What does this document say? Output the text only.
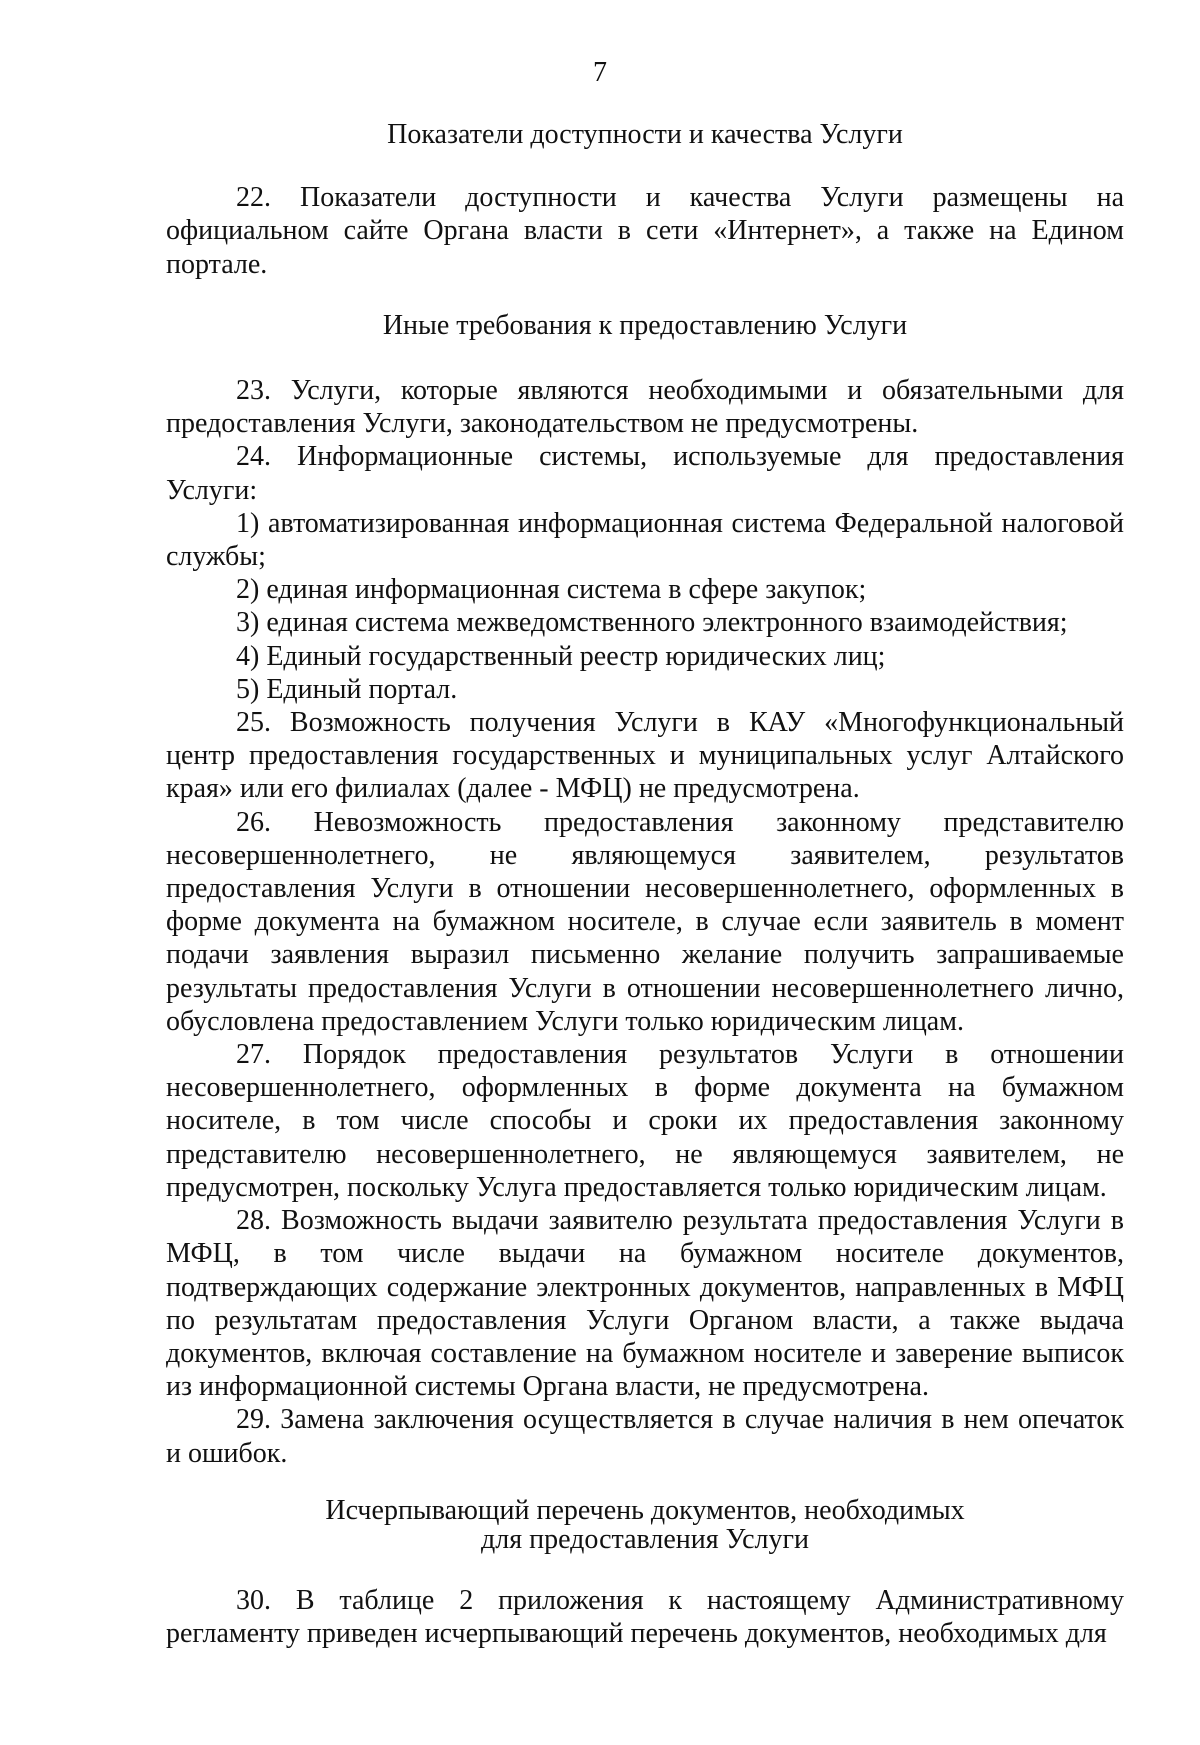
7

Показатели доступности и качества Услуги

22. Показатели доступности и качества Услуги размещены на официальном сайте Органа власти в сети «Интернет», а также на Едином портале.

Иные требования к предоставлению Услуги

23. Услуги, которые являются необходимыми и обязательными для предоставления Услуги, законодательством не предусмотрены.

24. Информационные системы, используемые для предоставления Услуги:

1) автоматизированная информационная система Федеральной налоговой службы;

2) единая информационная система в сфере закупок;

3) единая система межведомственного электронного взаимодействия;

4) Единый государственный реестр юридических лиц;

5) Единый портал.

25. Возможность получения Услуги в КАУ «Многофункциональный центр предоставления государственных и муниципальных услуг Алтайского края» или его филиалах (далее - МФЦ) не предусмотрена.

26. Невозможность предоставления законному представителю несовершеннолетнего, не являющемуся заявителем, результатов предоставления Услуги в отношении несовершеннолетнего, оформленных в форме документа на бумажном носителе, в случае если заявитель в момент подачи заявления выразил письменно желание получить запрашиваемые результаты предоставления Услуги в отношении несовершеннолетнего лично, обусловлена предоставлением Услуги только юридическим лицам.

27. Порядок предоставления результатов Услуги в отношении несовершеннолетнего, оформленных в форме документа на бумажном носителе, в том числе способы и сроки их предоставления законному представителю несовершеннолетнего, не являющемуся заявителем, не предусмотрен, поскольку Услуга предоставляется только юридическим лицам.

28. Возможность выдачи заявителю результата предоставления Услуги в МФЦ, в том числе выдачи на бумажном носителе документов, подтверждающих содержание электронных документов, направленных в МФЦ по результатам предоставления Услуги Органом власти, а также выдача документов, включая составление на бумажном носителе и заверение выписок из информационной системы Органа власти, не предусмотрена.

29. Замена заключения осуществляется в случае наличия в нем опечаток и ошибок.

Исчерпывающий перечень документов, необходимых
для предоставления Услуги

30. В таблице 2 приложения к настоящему Административному регламенту приведен исчерпывающий перечень документов, необходимых для
